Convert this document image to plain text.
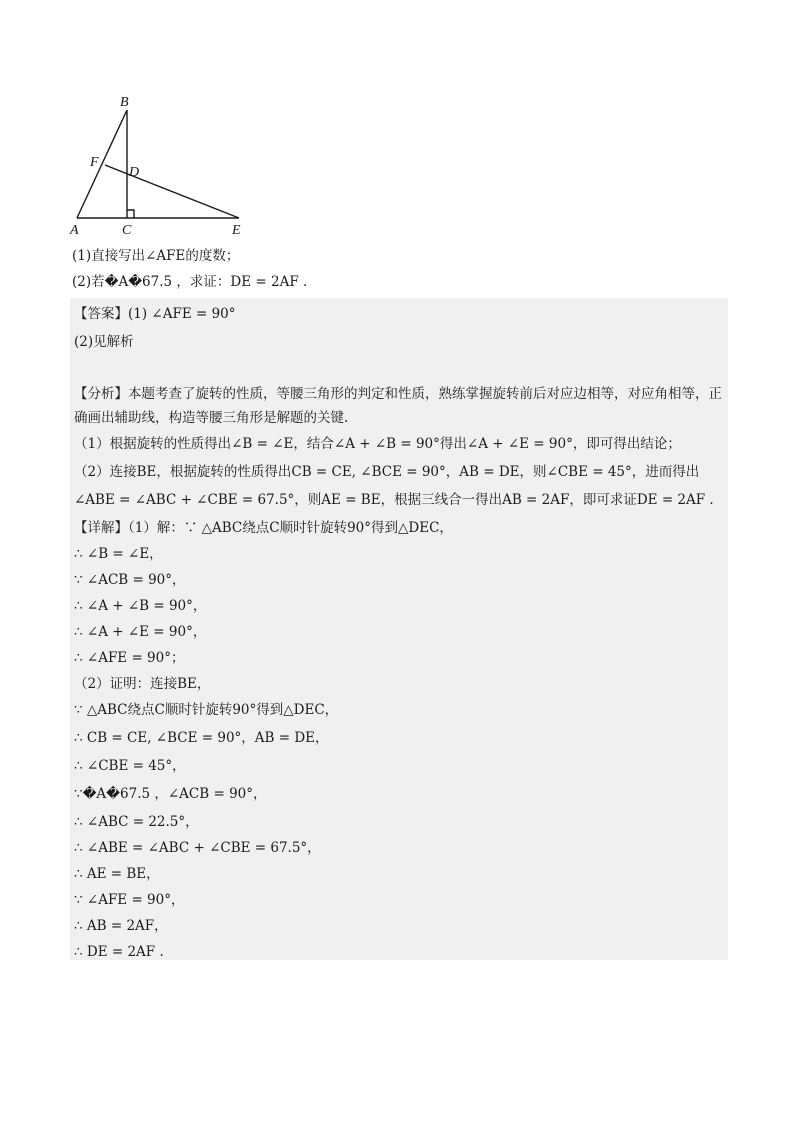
B
F
D
A	C	E
(1)直接写出∠AFE的度数；
(2)若�A�67.5 ，求证：DE = 2AF .
【答案】(1) ∠AFE = 90°
(2)见解析
【分析】本题考查了旋转的性质，等腰三角形的判定和性质，熟练掌握旋转前后对应边相等，对应角相等，正确画出辅助线，构造等腰三角形是解题的关键.
（1）根据旋转的性质得出∠B = ∠E，结合∠A + ∠B = 90°得出∠A + ∠E = 90°，即可得出结论；
（2）连接BE，根据旋转的性质得出CB = CE, ∠BCE = 90°，AB = DE，则∠CBE = 45°，进而得出
∠ABE = ∠ABC + ∠CBE = 67.5°，则AE = BE，根据三线合一得出AB = 2AF，即可求证DE = 2AF .
【详解】（1）解：∵ △ABC绕点C顺时针旋转90°得到△DEC，
∴ ∠B = ∠E，
∵ ∠ACB = 90°，
∴ ∠A + ∠B = 90°，
∴ ∠A + ∠E = 90°，
∴ ∠AFE = 90°；
（2）证明：连接BE，
∵ △ABC绕点C顺时针旋转90°得到△DEC，
∴ CB = CE, ∠BCE = 90°，AB = DE，
∴ ∠CBE = 45°，
∵�A�67.5 ，∠ACB = 90°，
∴ ∠ABC = 22.5°，
∴ ∠ABE = ∠ABC + ∠CBE = 67.5°，
∴ AE = BE，
∵ ∠AFE = 90°，
∴ AB = 2AF，
∴ DE = 2AF .
